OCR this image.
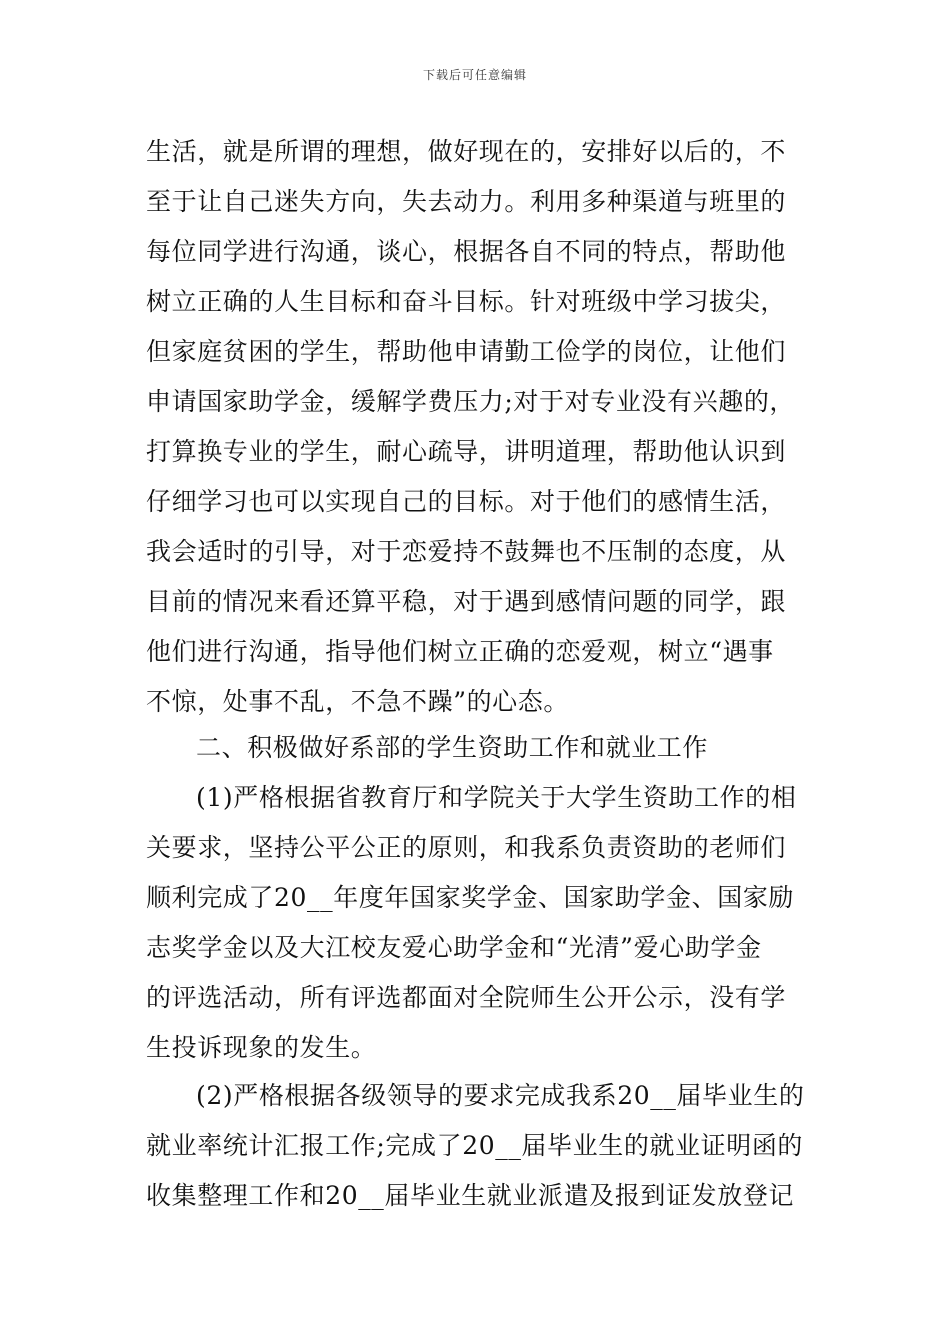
下载后可任意编辑
生活，就是所谓的理想，做好现在的，安排好以后的，不
至于让自己迷失方向，失去动力。利用多种渠道与班里的
每位同学进行沟通，谈心，根据各自不同的特点，帮助他
树立正确的人生目标和奋斗目标。针对班级中学习拔尖，
但家庭贫困的学生，帮助他申请勤工俭学的岗位，让他们
申请国家助学金，缓解学费压力;对于对专业没有兴趣的，
打算换专业的学生，耐心疏导，讲明道理，帮助他认识到
仔细学习也可以实现自己的目标。对于他们的感情生活，
我会适时的引导，对于恋爱持不鼓舞也不压制的态度，从
目前的情况来看还算平稳，对于遇到感情问题的同学，跟
他们进行沟通，指导他们树立正确的恋爱观，树立“遇事
不惊，处事不乱，不急不躁”的心态。
二、积极做好系部的学生资助工作和就业工作
(1)严格根据省教育厅和学院关于大学生资助工作的相
关要求，坚持公平公正的原则，和我系负责资助的老师们
顺利完成了20__年度年国家奖学金、国家助学金、国家励
志奖学金以及大江校友爱心助学金和“光清”爱心助学金
的评选活动，所有评选都面对全院师生公开公示，没有学
生投诉现象的发生。
(2)严格根据各级领导的要求完成我系20__届毕业生的
就业率统计汇报工作;完成了20__届毕业生的就业证明函的
收集整理工作和20__届毕业生就业派遣及报到证发放登记
